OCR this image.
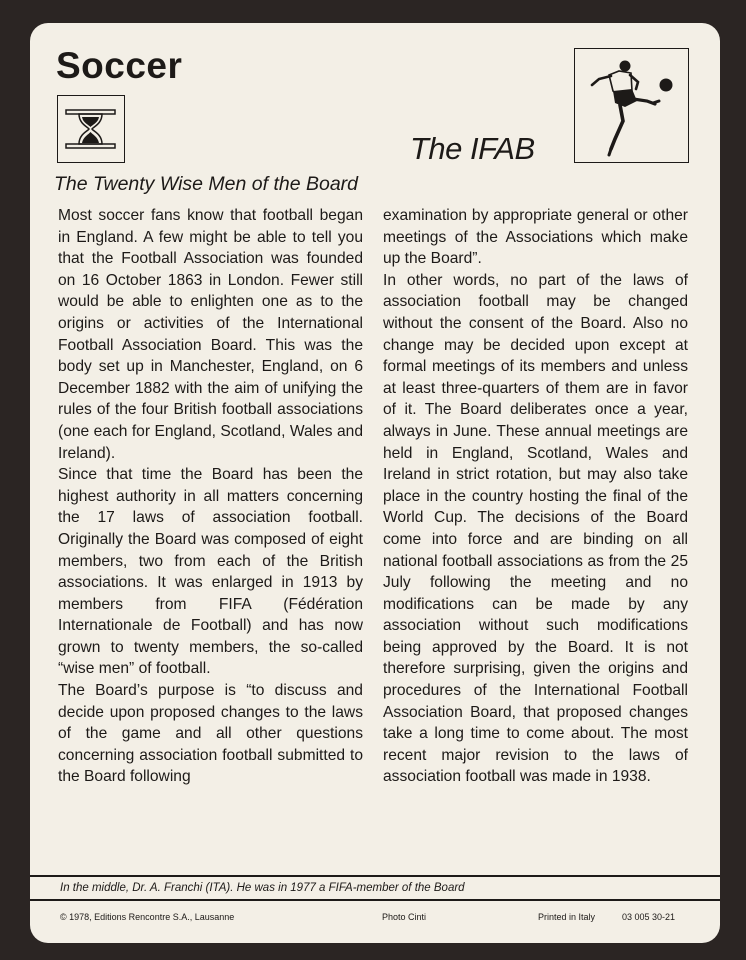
Soccer
The IFAB
The Twenty Wise Men of the Board

Most soccer fans know that football began in England. A few might be able to tell you that the Football Association was founded on 16 October 1863 in London. Fewer still would be able to enlighten one as to the origins or activities of the International Football Association Board. This was the body set up in Manchester, England, on 6 December 1882 with the aim of unifying the rules of the four British football associations (one each for England, Scotland, Wales and Ireland).

Since that time the Board has been the highest authority in all matters concerning the 17 laws of association football. Originally the Board was composed of eight members, two from each of the British associations. It was enlarged in 1913 by members from FIFA (Fédération Internationale de Football) and has now grown to twenty members, the so-called “wise men” of football.

The Board’s purpose is “to discuss and decide upon proposed changes to the laws of the game and all other questions concerning association football submitted to the Board following

examination by appropriate general or other meetings of the Associations which make up the Board”.

In other words, no part of the laws of association football may be changed without the consent of the Board. Also no change may be decided upon except at formal meetings of its members and unless at least three-quarters of them are in favor of it. The Board deliberates once a year, always in June. These annual meetings are held in England, Scotland, Wales and Ireland in strict rotation, but may also take place in the country hosting the final of the World Cup. The decisions of the Board come into force and are binding on all national football associations as from the 25 July following the meeting and no modifications can be made by any association without such modifications being approved by the Board. It is not therefore surprising, given the origins and procedures of the International Football Association Board, that proposed changes take a long time to come about. The most recent major revision to the laws of association football was made in 1938.

In the middle, Dr. A. Franchi (ITA). He was in 1977 a FIFA-member of the Board

© 1978, Editions Rencontre S.A., Lausanne	Photo Cinti	Printed in Italy	03 005 30-21
